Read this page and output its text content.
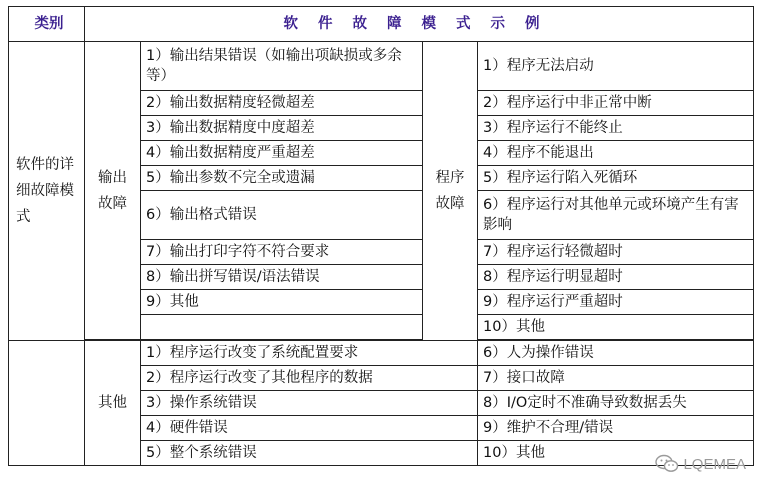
类别	软件故障模式示例			
软件的详细故障模式	输出故障	1）输出结果错误（如输出项缺损或多余等）	程序故障	1）程序无法启动
		2）输出数据精度轻微超差		2）程序运行中非正常中断
		3）输出数据精度中度超差		3）程序运行不能终止
		4）输出数据精度严重超差		4）程序不能退出
		5）输出参数不完全或遗漏		5）程序运行陷入死循环
		6）输出格式错误		6）程序运行对其他单元或环境产生有害影响
		7）输出打印字符不符合要求		7）程序运行轻微超时
		8）输出拼写错误/语法错误		8）程序运行明显超时
		9）其他		9）程序运行严重超时
				10）其他

	其他	1）程序运行改变了系统配置要求		6）人为操作错误
		2）程序运行改变了其他程序的数据		7）接口故障
		3）操作系统错误		8）I/O定时不准确导致数据丢失
		4）硬件错误		9）维护不合理/错误
		5）整个系统错误		10）其他
LQEMEA
